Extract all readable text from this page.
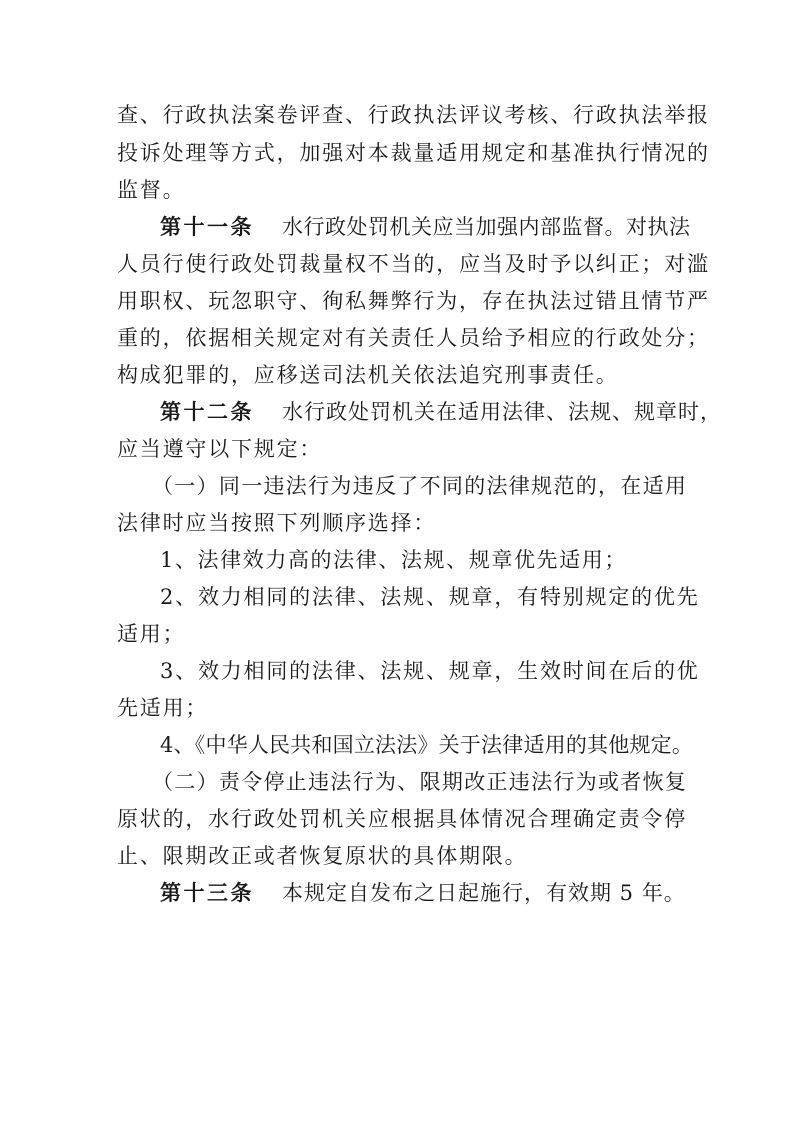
查、行政执法案卷评查、行政执法评议考核、行政执法举报
投诉处理等方式，加强对本裁量适用规定和基准执行情况的
监督。
第十一条 水行政处罚机关应当加强内部监督。对执法
人员行使行政处罚裁量权不当的，应当及时予以纠正；对滥
用职权、玩忽职守、徇私舞弊行为，存在执法过错且情节严
重的，依据相关规定对有关责任人员给予相应的行政处分；
构成犯罪的，应移送司法机关依法追究刑事责任。
第十二条 水行政处罚机关在适用法律、法规、规章时，
应当遵守以下规定：
（一）同一违法行为违反了不同的法律规范的，在适用
法律时应当按照下列顺序选择：
1、法律效力高的法律、法规、规章优先适用；
2、效力相同的法律、法规、规章，有特别规定的优先
适用；
3、效力相同的法律、法规、规章，生效时间在后的优
先适用；
4、《中华人民共和国立法法》关于法律适用的其他规定。
（二）责令停止违法行为、限期改正违法行为或者恢复
原状的，水行政处罚机关应根据具体情况合理确定责令停
止、限期改正或者恢复原状的具体期限。
第十三条 本规定自发布之日起施行，有效期 5 年。
